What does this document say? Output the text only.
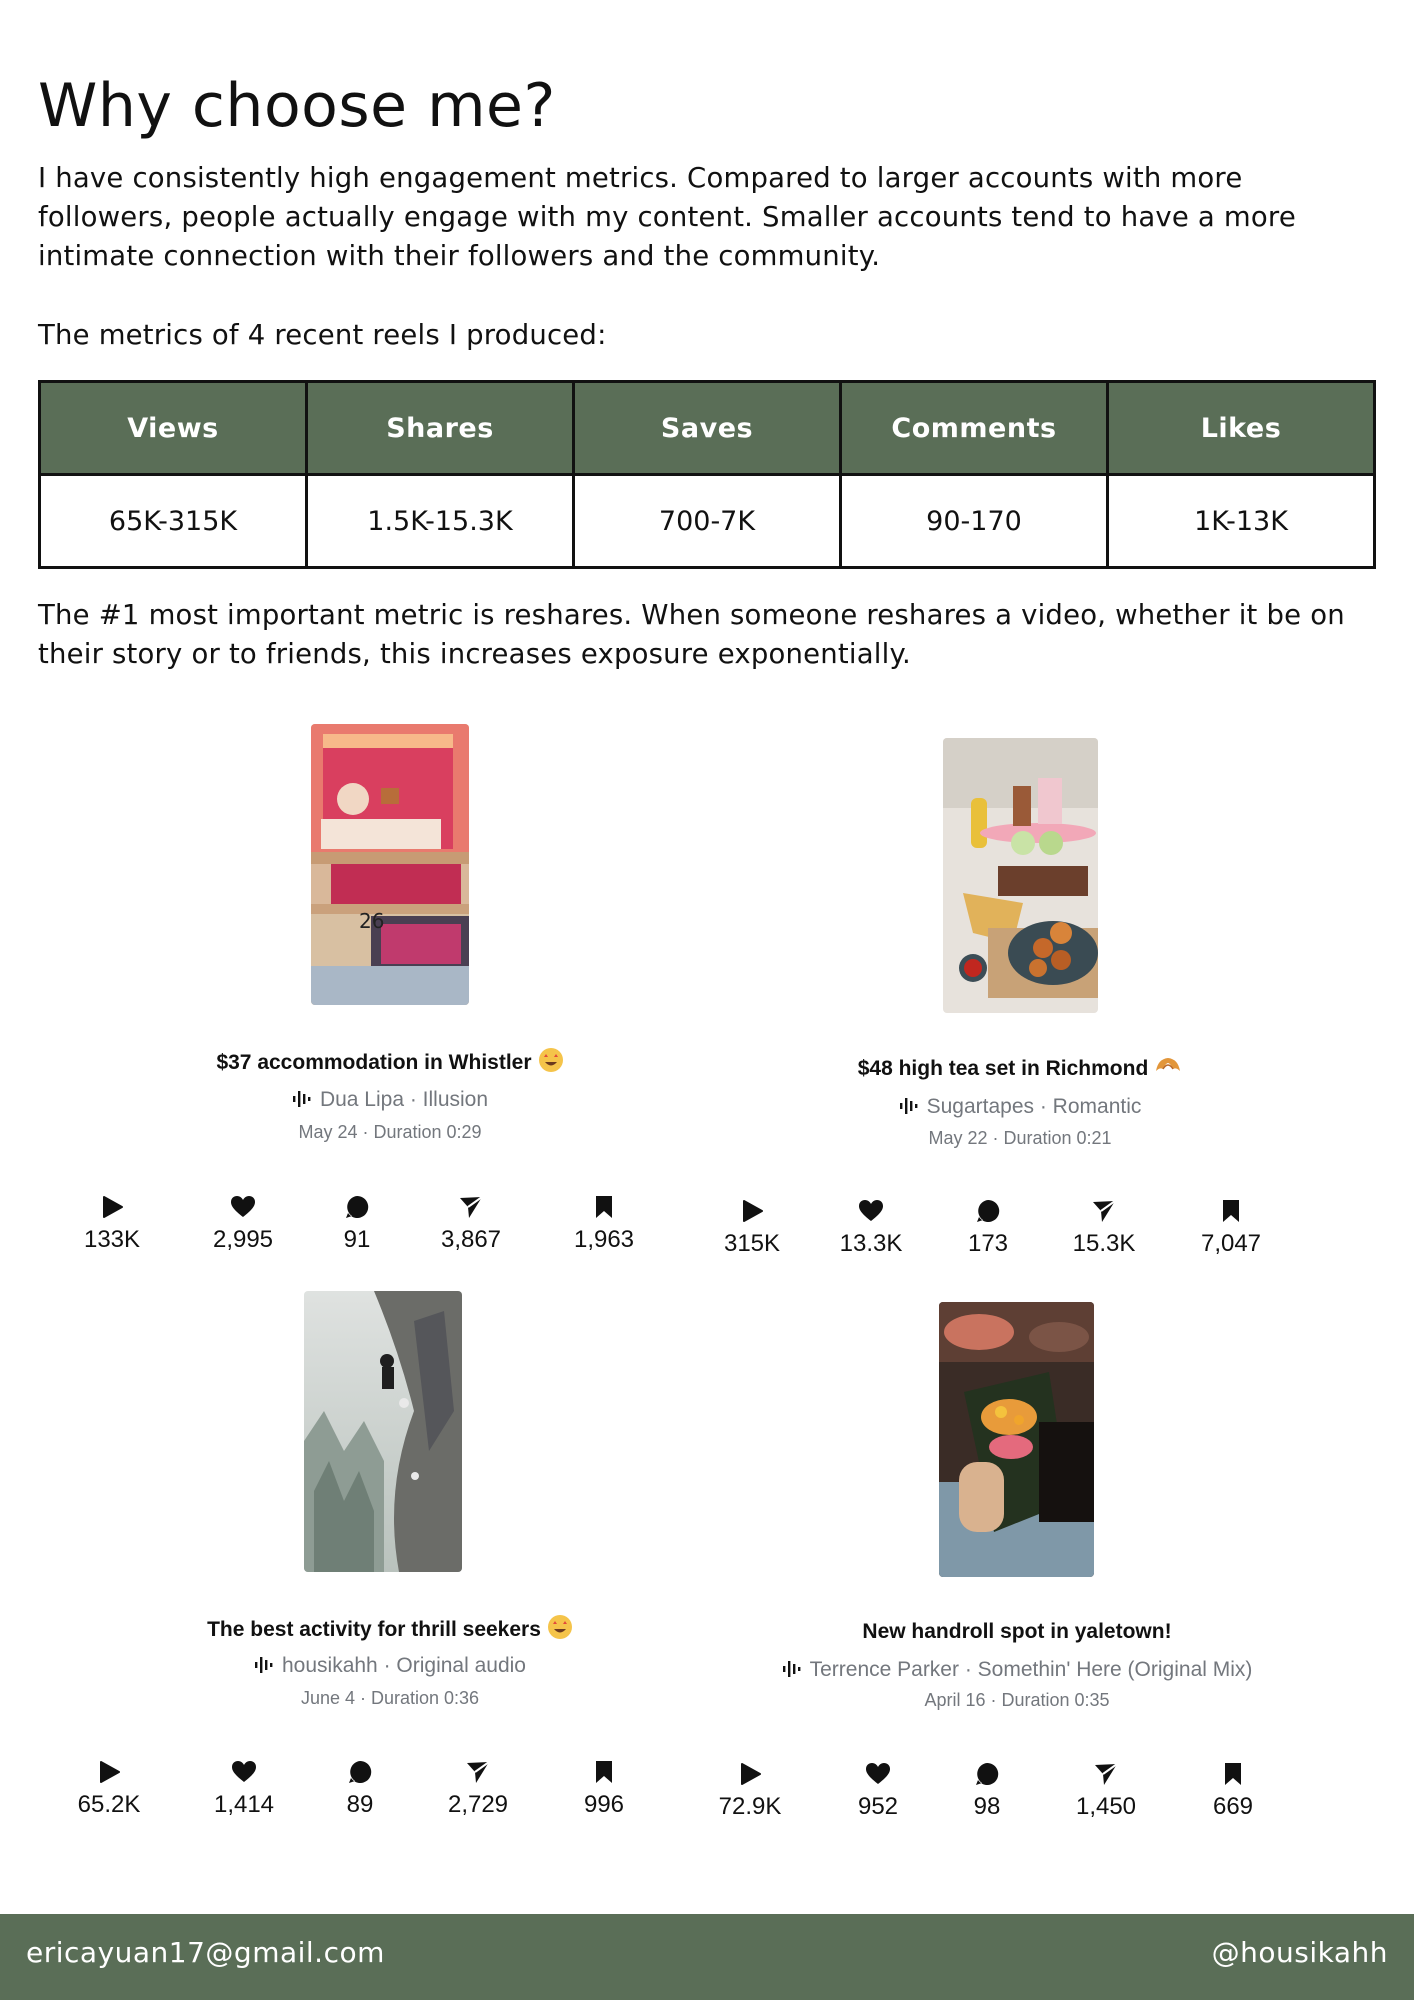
Why choose me?

I have consistently high engagement metrics. Compared to larger accounts with more followers, people actually engage with my content. Smaller accounts tend to have a more intimate connection with their followers and the community.

The metrics of 4 recent reels I produced:

Views	Shares	Saves	Comments	Likes
65K-315K	1.5K-15.3K	700-7K	90-170	1K-13K

The #1 most important metric is reshares. When someone reshares a video, whether it be on their story or to friends, this increases exposure exponentially.

26
$37 accommodation in Whistler
Dua Lipa · Illusion
May 24 · Duration 0:29
133K	2,995	91	3,867	1,963
$48 high tea set in Richmond
Sugartapes · Romantic
May 22 · Duration 0:21
315K	13.3K	173	15.3K	7,047
The best activity for thrill seekers
housikahh · Original audio
June 4 · Duration 0:36
65.2K	1,414	89	2,729	996
New handroll spot in yaletown!
Terrence Parker · Somethin' Here (Original Mix)
April 16 · Duration 0:35
72.9K	952	98	1,450	669
ericayuan17@gmail.com	@housikahh
